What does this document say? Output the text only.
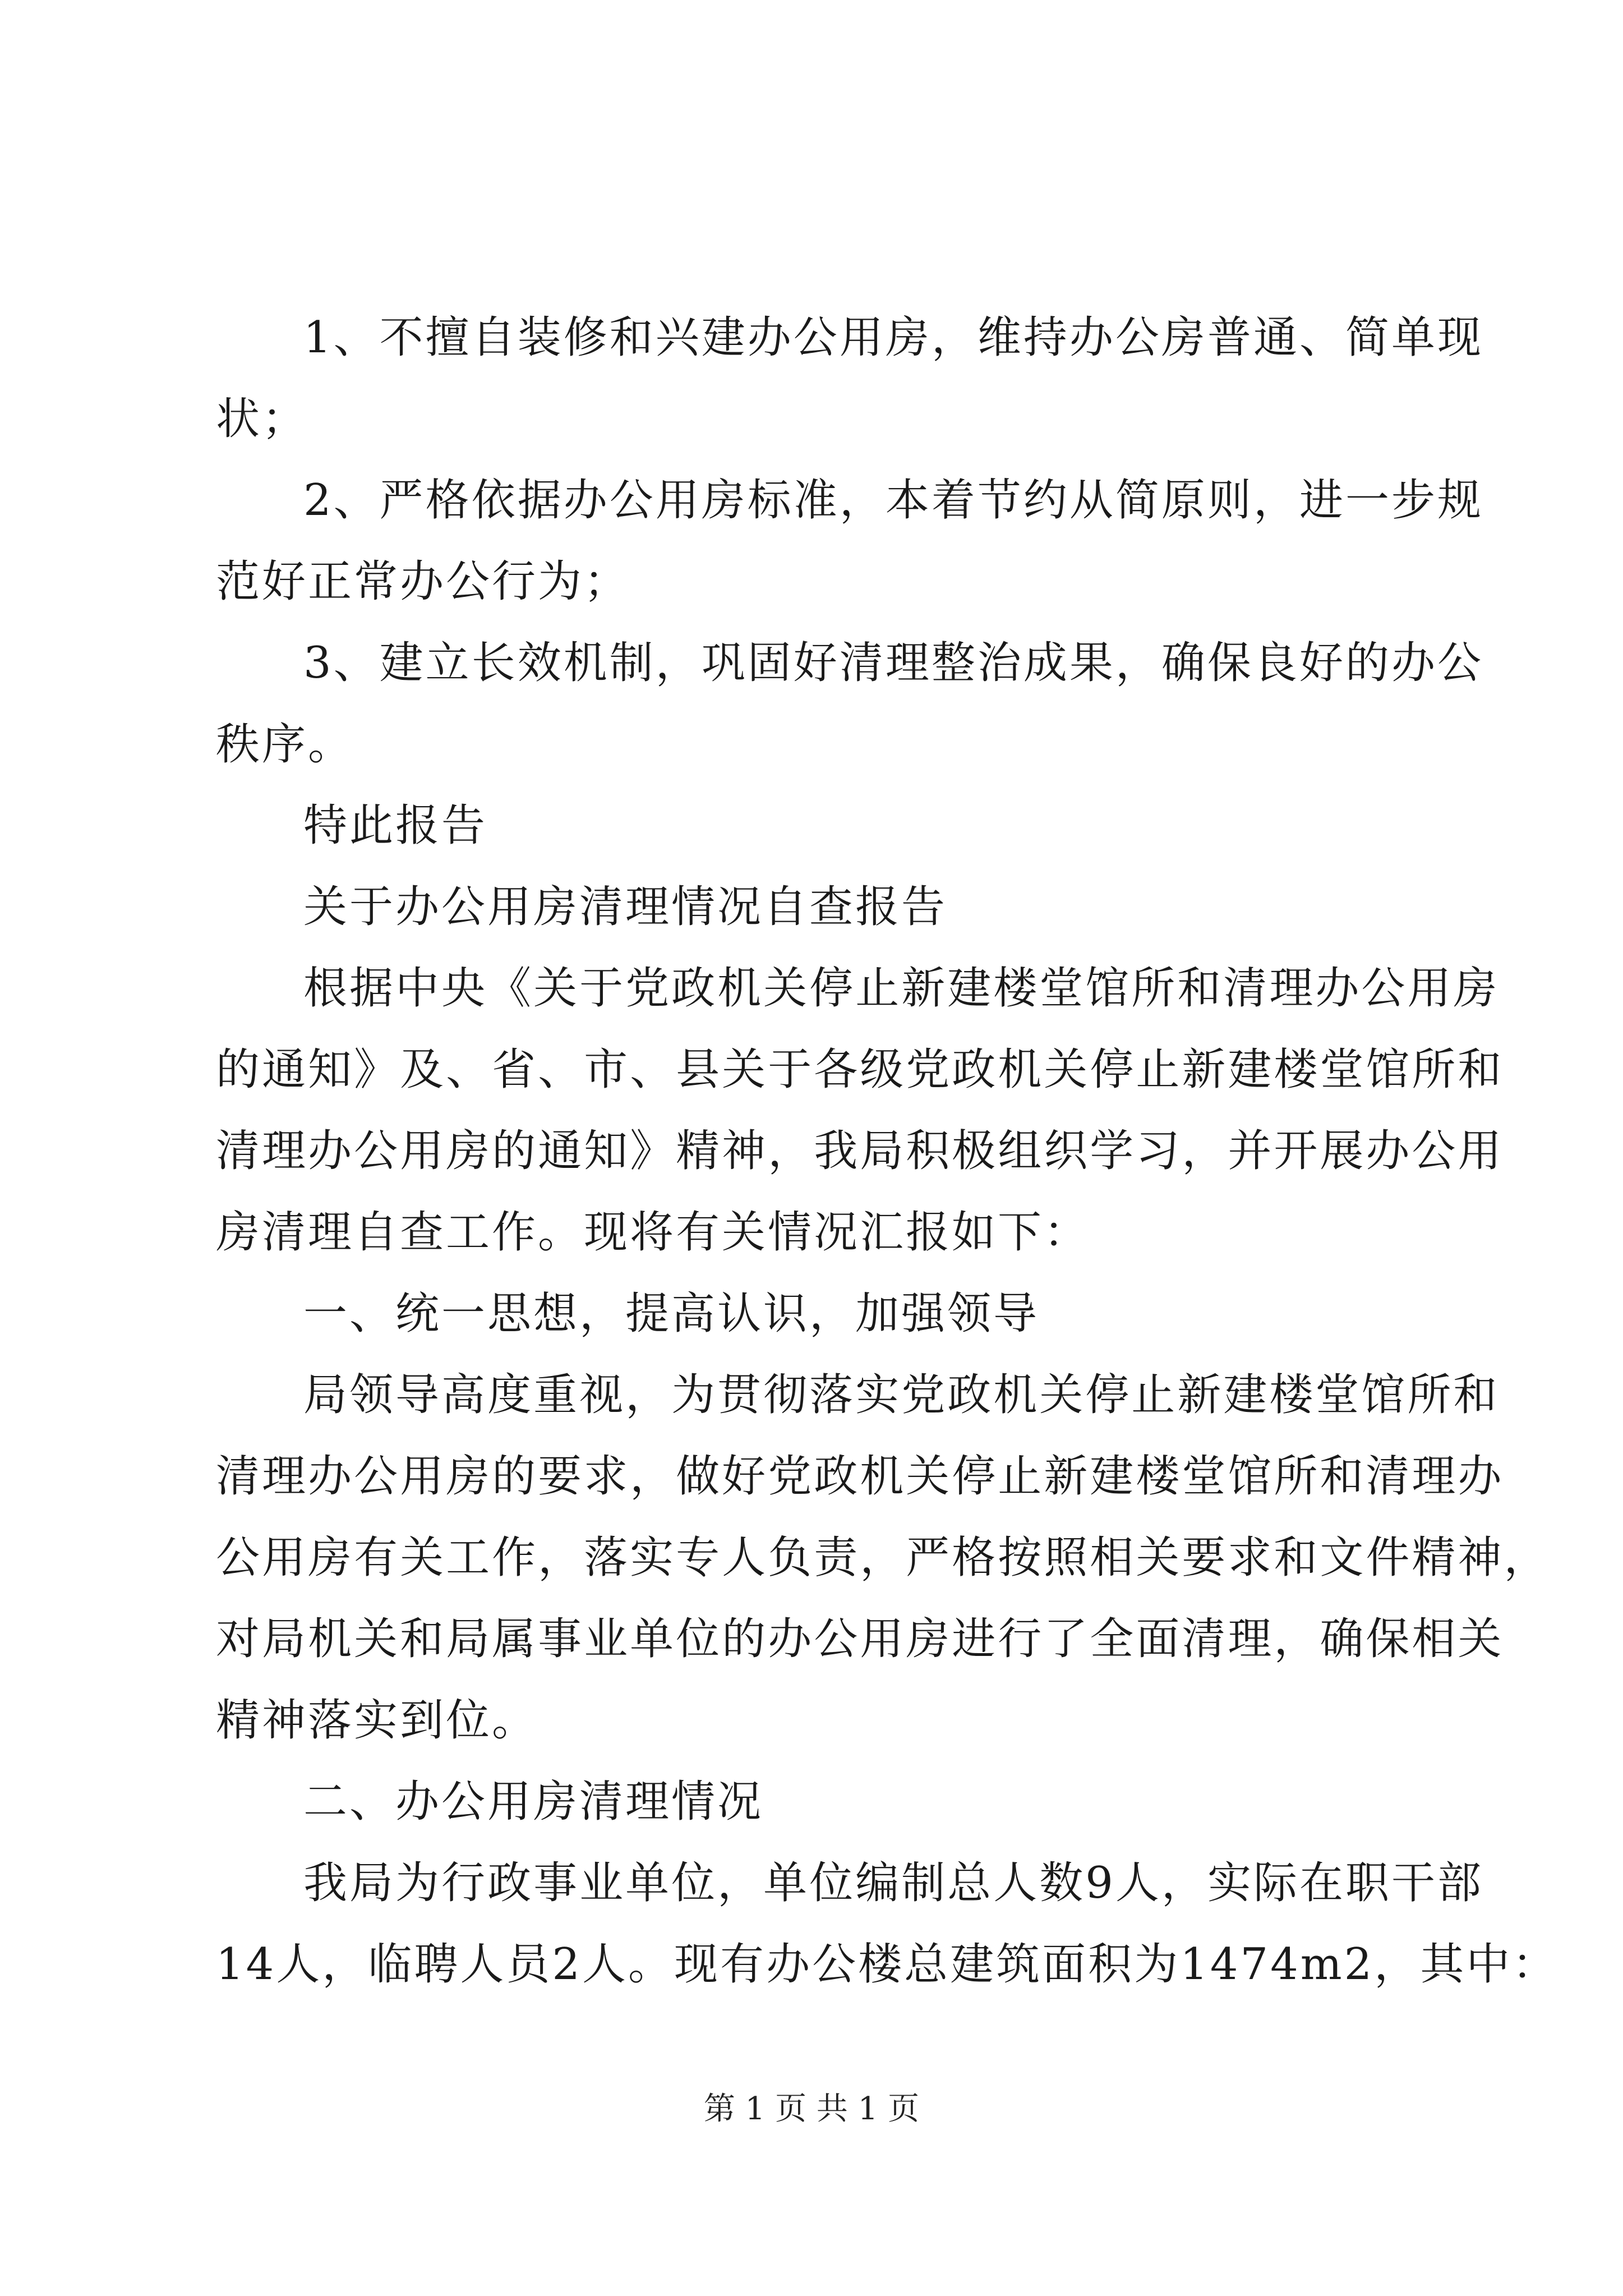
1 、 不 擅 自 装 修 和 兴 建 办 公 用 房 ， 维 持 办 公 房 普 通 、 简 单 现
状；
2 、 严 格 依 据 办 公 用 房 标 准 ， 本 着 节 约 从 简 原 则 ， 进 一 步 规
范好正常办公行为；
3 、 建 立 长 效 机 制 ， 巩 固 好 清 理 整 治 成 果 ， 确 保 良 好 的 办 公
秩序。
特此报告
关于办公用房清理情况自查报告
根 据 中 央 《 关 于 党 政 机 关 停 止 新 建 楼 堂 馆 所 和 清 理 办 公 用 房
的 通 知 》 及 、 省 、 市 、 县 关 于 各 级 党 政 机 关 停 止 新 建 楼 堂 馆 所 和
清 理 办 公 用 房 的 通 知 》 精 神 ， 我 局 积 极 组 织 学 习 ， 并 开 展 办 公 用
房清理自查工作。现将有关情况汇报如下：
一、统一思想，提高认识，加强领导
局 领 导 高 度 重 视 ， 为 贯 彻 落 实 党 政 机 关 停 止 新 建 楼 堂 馆 所 和
清 理 办 公 用 房 的 要 求 ， 做 好 党 政 机 关 停 止 新 建 楼 堂 馆 所 和 清 理 办
公 用 房 有 关 工 作 ， 落 实 专 人 负 责 ， 严 格 按 照 相 关 要 求 和 文 件 精 神 ，
对 局 机 关 和 局 属 事 业 单 位 的 办 公 用 房 进 行 了 全 面 清 理 ， 确 保 相 关
精神落实到位。
二、办公用房清理情况
我 局 为 行 政 事 业 单 位 ， 单 位 编 制 总 人 数 9 人 ， 实 际 在 职 干 部
14 人 ， 临 聘 人 员 2 人 。 现 有 办 公 楼 总 建 筑 面 积 为 1474m2 ， 其 中 ：
第 1 页 共 1 页
